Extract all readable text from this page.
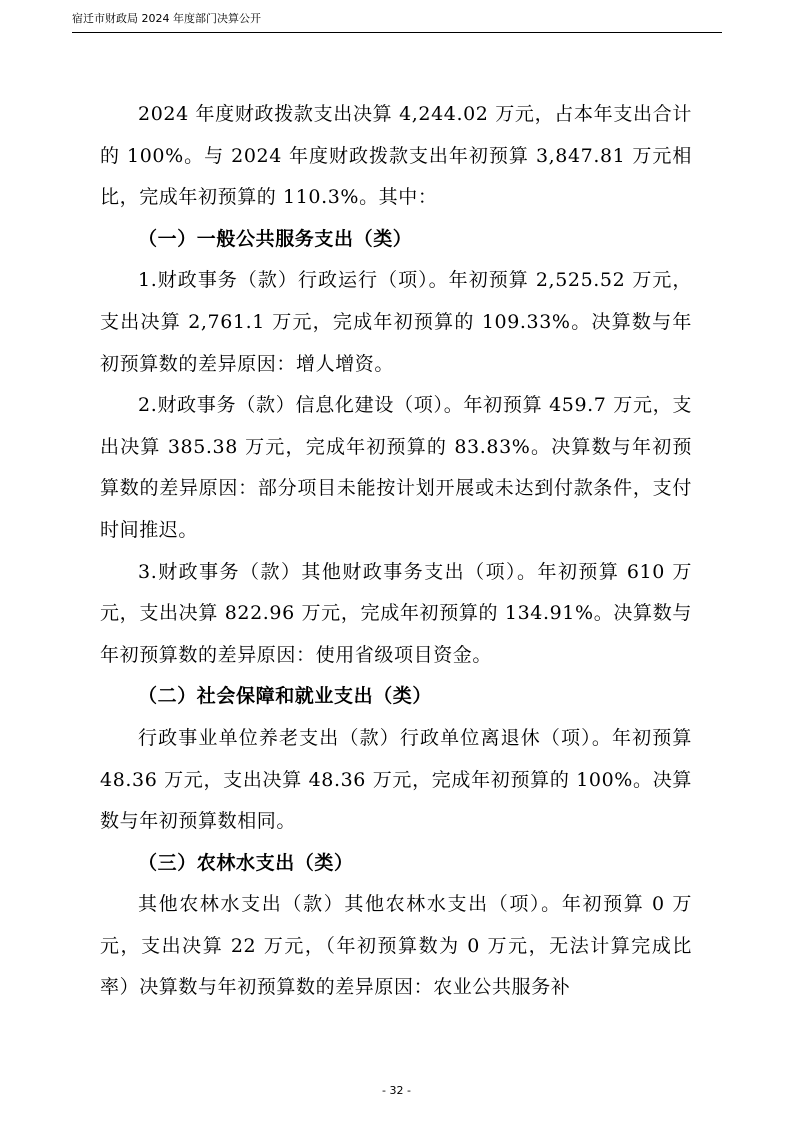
宿迁市财政局 2024 年度部门决算公开

2024 年度财政拨款支出决算 4,244.02 万元，占本年支出合计的 100%。与 2024 年度财政拨款支出年初预算 3,847.81 万元相比，完成年初预算的 110.3%。其中：

（一）一般公共服务支出（类）

1.财政事务（款）行政运行（项）。年初预算 2,525.52 万元，支出决算 2,761.1 万元，完成年初预算的 109.33%。决算数与年初预算数的差异原因：增人增资。

2.财政事务（款）信息化建设（项）。年初预算 459.7 万元，支出决算 385.38 万元，完成年初预算的 83.83%。决算数与年初预算数的差异原因：部分项目未能按计划开展或未达到付款条件，支付时间推迟。

3.财政事务（款）其他财政事务支出（项）。年初预算 610 万元，支出决算 822.96 万元，完成年初预算的 134.91%。决算数与年初预算数的差异原因：使用省级项目资金。

（二）社会保障和就业支出（类）

行政事业单位养老支出（款）行政单位离退休（项）。年初预算 48.36 万元，支出决算 48.36 万元，完成年初预算的 100%。决算数与年初预算数相同。

（三）农林水支出（类）

其他农林水支出（款）其他农林水支出（项）。年初预算 0 万元，支出决算 22 万元，（年初预算数为 0 万元，无法计算完成比率）决算数与年初预算数的差异原因：农业公共服务补

- 32 -
